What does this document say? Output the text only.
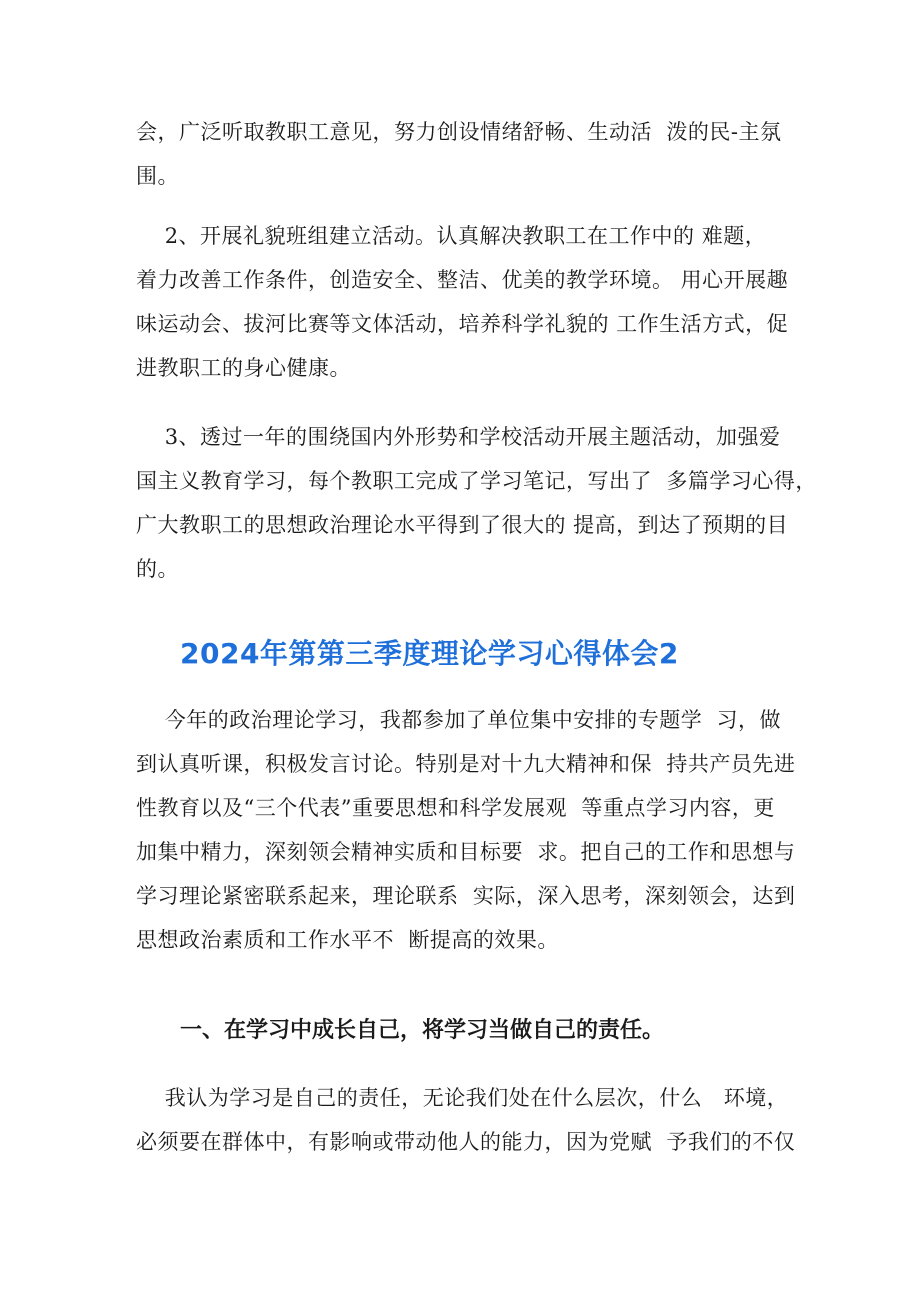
会，广泛听取教职工意见，努力创设情绪舒畅、生动活  泼的民-主氛
围。

2、开展礼貌班组建立活动。认真解决教职工在工作中的 难题，
着力改善工作条件，创造安全、整洁、优美的教学环境。 用心开展趣
味运动会、拔河比赛等文体活动，培养科学礼貌的 工作生活方式，促
进教职工的身心健康。

3、透过一年的围绕国内外形势和学校活动开展主题活动，加强爱
国主义教育学习，每个教职工完成了学习笔记，写出了  多篇学习心得，
广大教职工的思想政治理论水平得到了很大的 提高，到达了预期的目
的。

2024年第第三季度理论学习心得体会2

今年的政治理论学习，我都参加了单位集中安排的专题学  习，做
到认真听课，积极发言讨论。特别是对十九大精神和保  持共产员先进
性教育以及“三个代表”重要思想和科学发展观  等重点学习内容，更
加集中精力，深刻领会精神实质和目标要  求。把自己的工作和思想与
学习理论紧密联系起来，理论联系  实际，深入思考，深刻领会，达到
思想政治素质和工作水平不  断提高的效果。

一、在学习中成长自己，将学习当做自己的责任。

我认为学习是自己的责任，无论我们处在什么层次，什么   环境，
必须要在群体中，有影响或带动他人的能力，因为党赋  予我们的不仅
